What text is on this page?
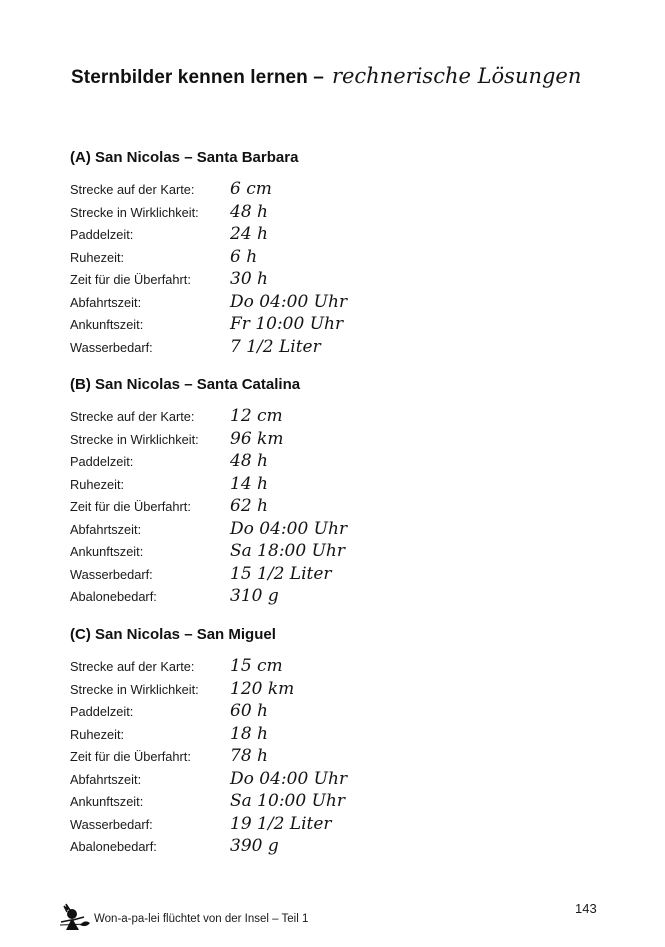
Sternbilder kennen lernen – rechnerische Lösungen
(A) San Nicolas – Santa Barbara
Strecke auf der Karte:	6 cm
Strecke in Wirklichkeit:	48 h
Paddelzeit:	24 h
Ruhezeit:	6 h
Zeit für die Überfahrt:	30 h
Abfahrtszeit:	Do 04:00 Uhr
Ankunftszeit:	Fr 10:00 Uhr
Wasserbedarf:	7 1/2 Liter
(B) San Nicolas – Santa Catalina
Strecke auf der Karte:	12 cm
Strecke in Wirklichkeit:	96 km
Paddelzeit:	48 h
Ruhezeit:	14 h
Zeit für die Überfahrt:	62 h
Abfahrtszeit:	Do 04:00 Uhr
Ankunftszeit:	Sa 18:00 Uhr
Wasserbedarf:	15 1/2 Liter
Abalonebedarf:	310 g
(C) San Nicolas – San Miguel
Strecke auf der Karte:	15 cm
Strecke in Wirklichkeit:	120 km
Paddelzeit:	60 h
Ruhezeit:	18 h
Zeit für die Überfahrt:	78 h
Abfahrtszeit:	Do 04:00 Uhr
Ankunftszeit:	Sa 10:00 Uhr
Wasserbedarf:	19 1/2 Liter
Abalonebedarf:	390 g
Won-a-pa-lei flüchtet von der Insel – Teil 1
143
